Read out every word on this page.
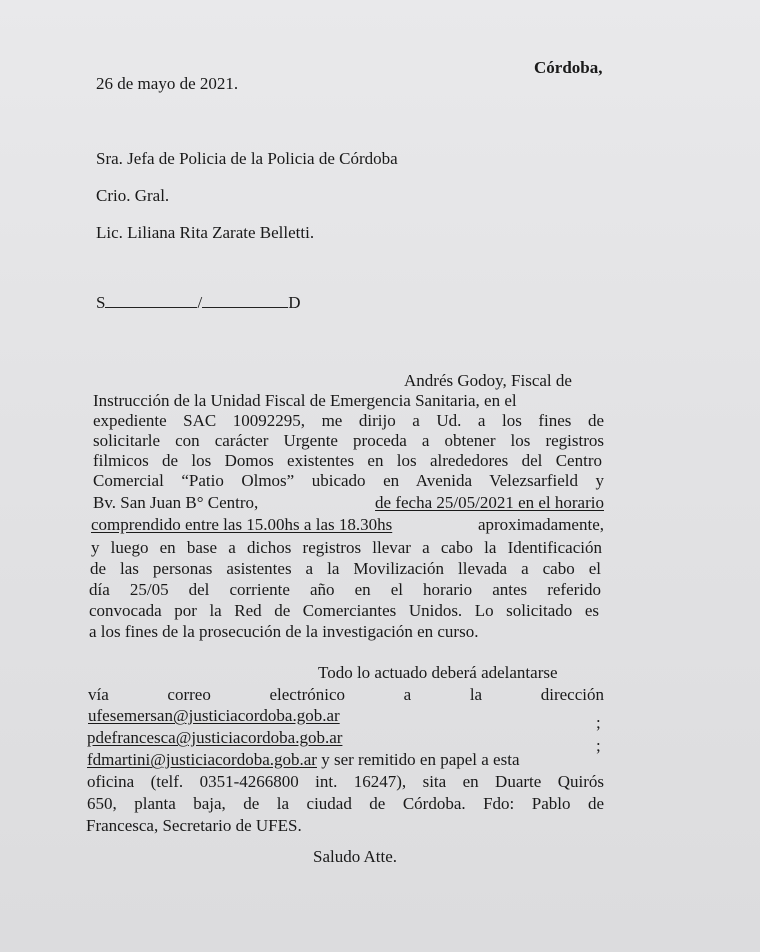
Córdoba,
26 de mayo de 2021.
Sra. Jefa de Policia de la Policia de Córdoba
Crio. Gral.
Lic. Liliana Rita Zarate Belletti.
S	/	D
Andrés Godoy, Fiscal de
Instrucción de la Unidad Fiscal de Emergencia Sanitaria, en el
expediente SAC 10092295, me dirijo a Ud. a los fines de
solicitarle con carácter Urgente proceda a obtener los registros
filmicos de los Domos existentes en los alrededores del Centro
Comercial “Patio Olmos” ubicado en Avenida Velezsarfield y
Bv. San Juan B° Centro,	de fecha 25/05/2021 en el horario
comprendido entre las 15.00hs a las 18.30hs	aproximadamente,
y luego en base a dichos registros llevar a cabo la Identificación
de las personas asistentes a la Movilización llevada a cabo el
día 25/05 del corriente año en el horario antes referido
convocada por la Red de Comerciantes Unidos. Lo solicitado es
a los fines de la prosecución de la investigación en curso.
Todo lo actuado deberá adelantarse
vía	correo	electrónico	a	la	dirección
ufesemersan@justiciacordoba.gob.ar	;
pdefrancesca@justiciacordoba.gob.ar	;
fdmartini@justiciacordoba.gob.ar y ser remitido en papel a esta
oficina (telf. 0351-4266800 int. 16247), sita en Duarte Quirós
650, planta baja, de la ciudad de Córdoba. Fdo: Pablo de
Francesca, Secretario de UFES.
Saludo Atte.
